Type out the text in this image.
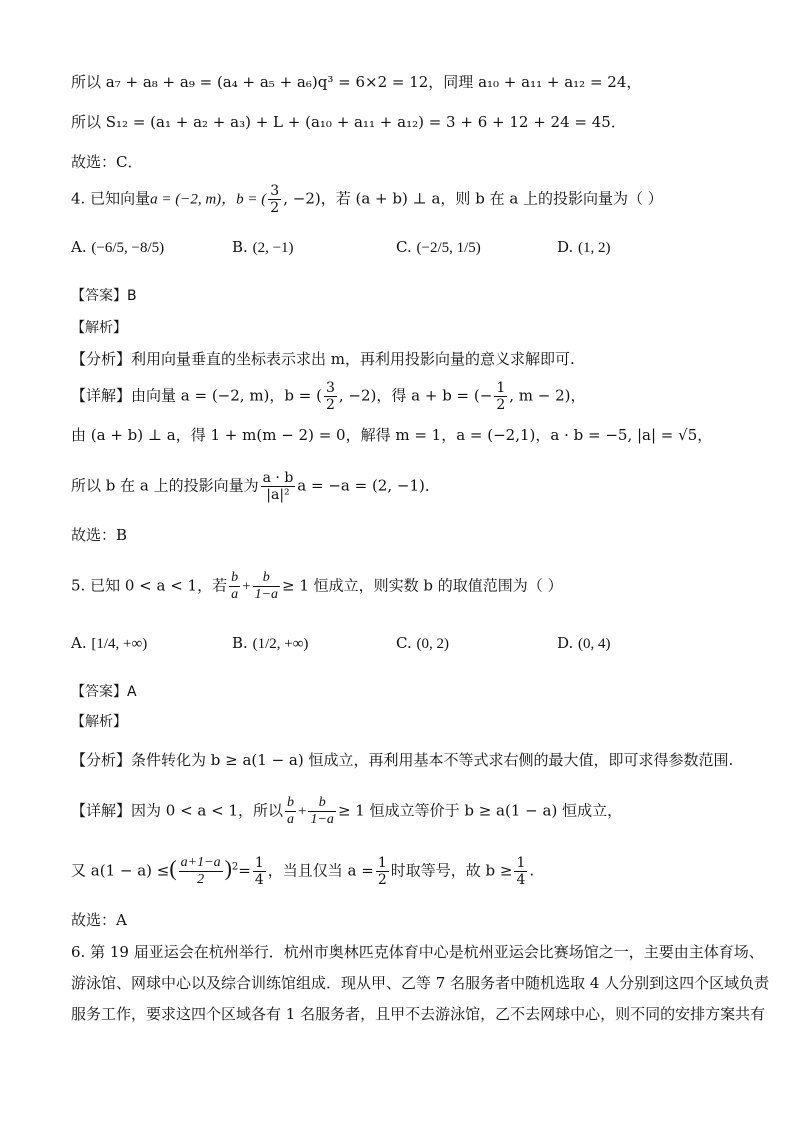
所以 a₇ + a₈ + a₉ = (a₄ + a₅ + a₆)q³ = 6×2 = 12，同理 a₁₀ + a₁₁ + a₁₂ = 24，
所以 S₁₂ = (a₁ + a₂ + a₃) + L + (a₁₀ + a₁₁ + a₁₂) = 3 + 6 + 12 + 24 = 45．
故选：C．
4. 已知向量a = (−2, m)，b = ( $\frac{3}{2}$ , −2)，若 (a + b) ⊥ a，则 b 在 a 上的投影向量为（ ）
A. (−6/5, −8/5)	B. (2, −1)	C. (−2/5, 1/5)	D. (1, 2)
【答案】B
【解析】
【分析】利用向量垂直的坐标表示求出 m，再利用投影向量的意义求解即可.
【详解】由向量 a = (−2, m)，b = ( $\frac{3}{2}$ , −2)，得 a + b = (− $\frac{1}{2}$ , m − 2)，
由 (a + b) ⊥ a，得 1 + m(m − 2) = 0，解得 m = 1，a = (−2,1)，a · b = −5, |a| = √5，
所以 b 在 a 上的投影向量为 $\frac{a \cdot b}{\text{|a|²}}$ a = −a = (2, −1)．
故选：B
5. 已知 0 < a < 1，若 $\frac{b}{a} + \frac{b}{1-a} \ge 1$ 恒成立，则实数 b 的取值范围为（ ）
A. [1/4, +∞)	B. (1/2, +∞)	C. (0, 2)	D. (0, 4)
【答案】A
【解析】
【分析】条件转化为 b ≥ a(1 − a) 恒成立，再利用基本不等式求右侧的最大值，即可求得参数范围.
【详解】因为 0 < a < 1，所以 $\frac{b}{a} + \frac{b}{1-a} \ge 1$ 恒成立等价于 b ≥ a(1 − a) 恒成立，
又 a(1 − a) ≤( $\frac{a+1-a}{2} )^2= \frac{1}{4}$ ，当且仅当 $a = \frac{1}{2}$ 时取等号，故 $b \ge \frac{1}{4}$ .
故选：A
6. 第 19 届亚运会在杭州举行．杭州市奥林匹克体育中心是杭州亚运会比赛场馆之一，主要由主体育场、
游泳馆、网球中心以及综合训练馆组成．现从甲、乙等 7 名服务者中随机选取 4 人分别到这四个区域负责
服务工作，要求这四个区域各有 1 名服务者，且甲不去游泳馆，乙不去网球中心，则不同的安排方案共有
